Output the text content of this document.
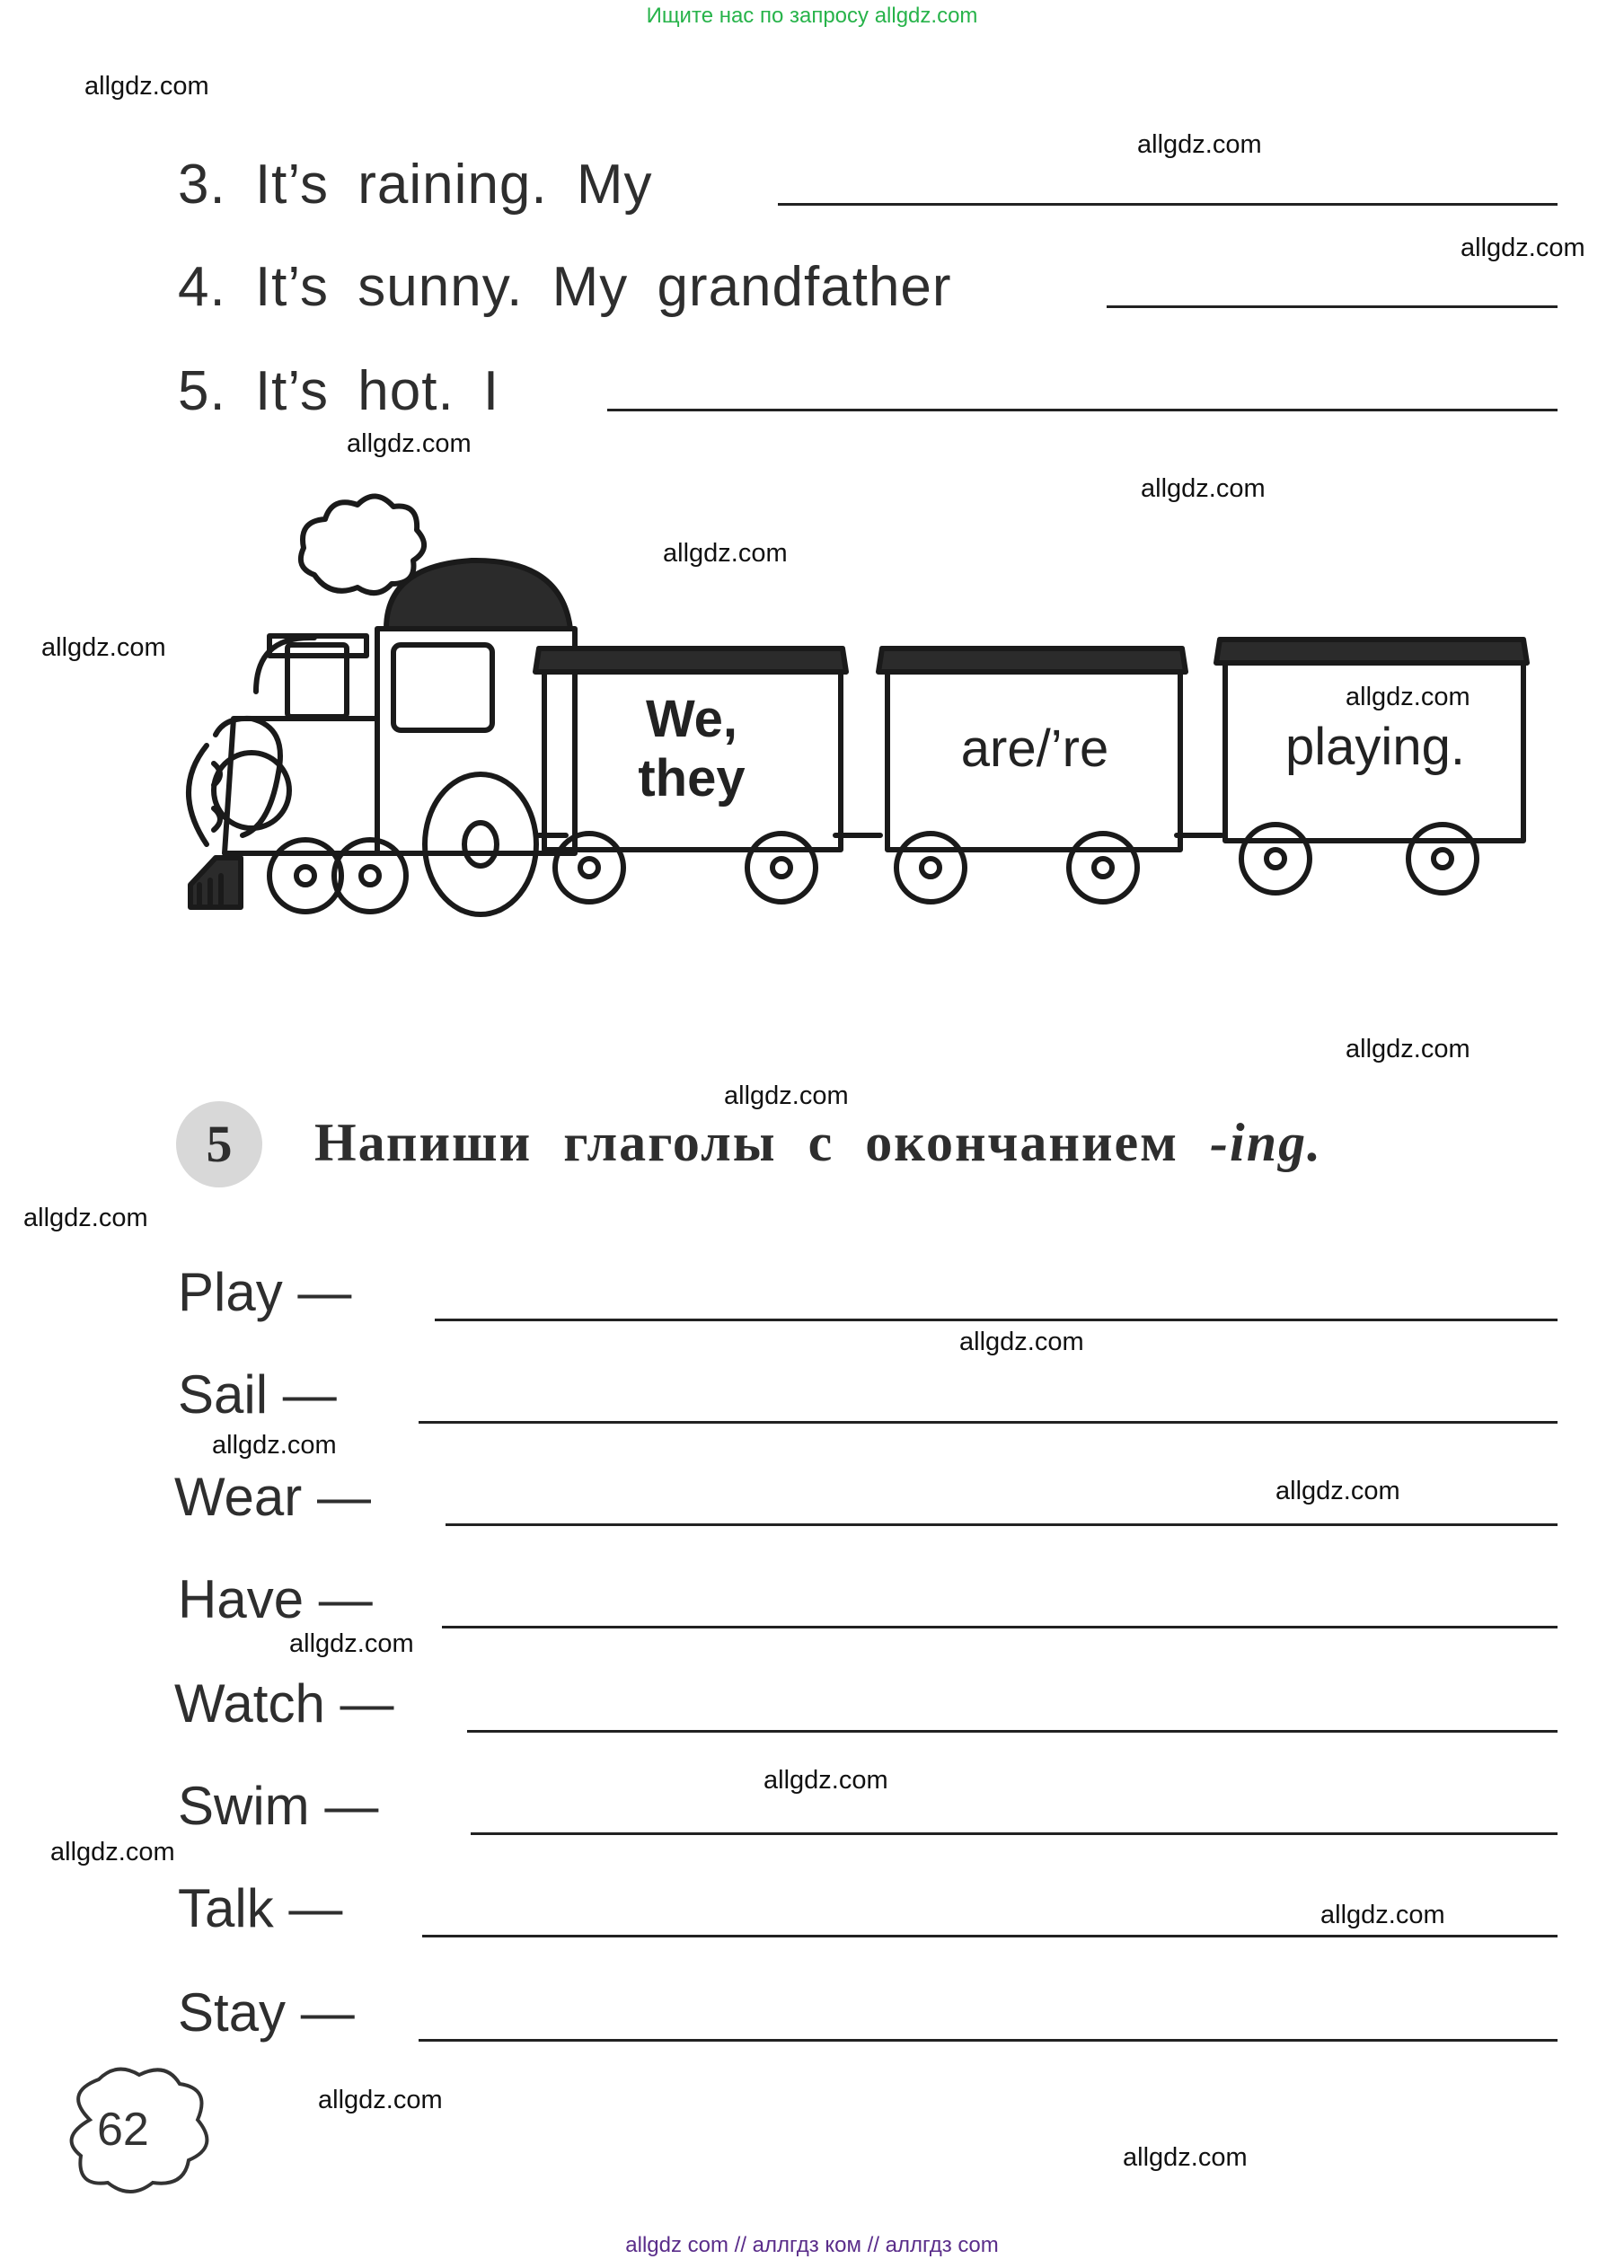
Ищите нас по запросу allgdz.com
allgdz.com
allgdz.com
allgdz.com
allgdz.com
allgdz.com
allgdz.com
allgdz.com
allgdz.com
allgdz.com
allgdz.com
allgdz.com
allgdz.com
allgdz.com
allgdz.com
allgdz.com
allgdz.com
allgdz.com
allgdz.com
allgdz.com
allgdz.com
3. It’s raining. My
4. It’s sunny. My grandfather
5. It’s hot. I
We,
they
are/’re	playing.
5	Напиши глаголы с окончанием -ing.
Play —
Sail —
Wear —
Have —
Watch —
Swim —
Talk —
Stay —
62
allgdz com // аллгдз ком // аллгдз com
